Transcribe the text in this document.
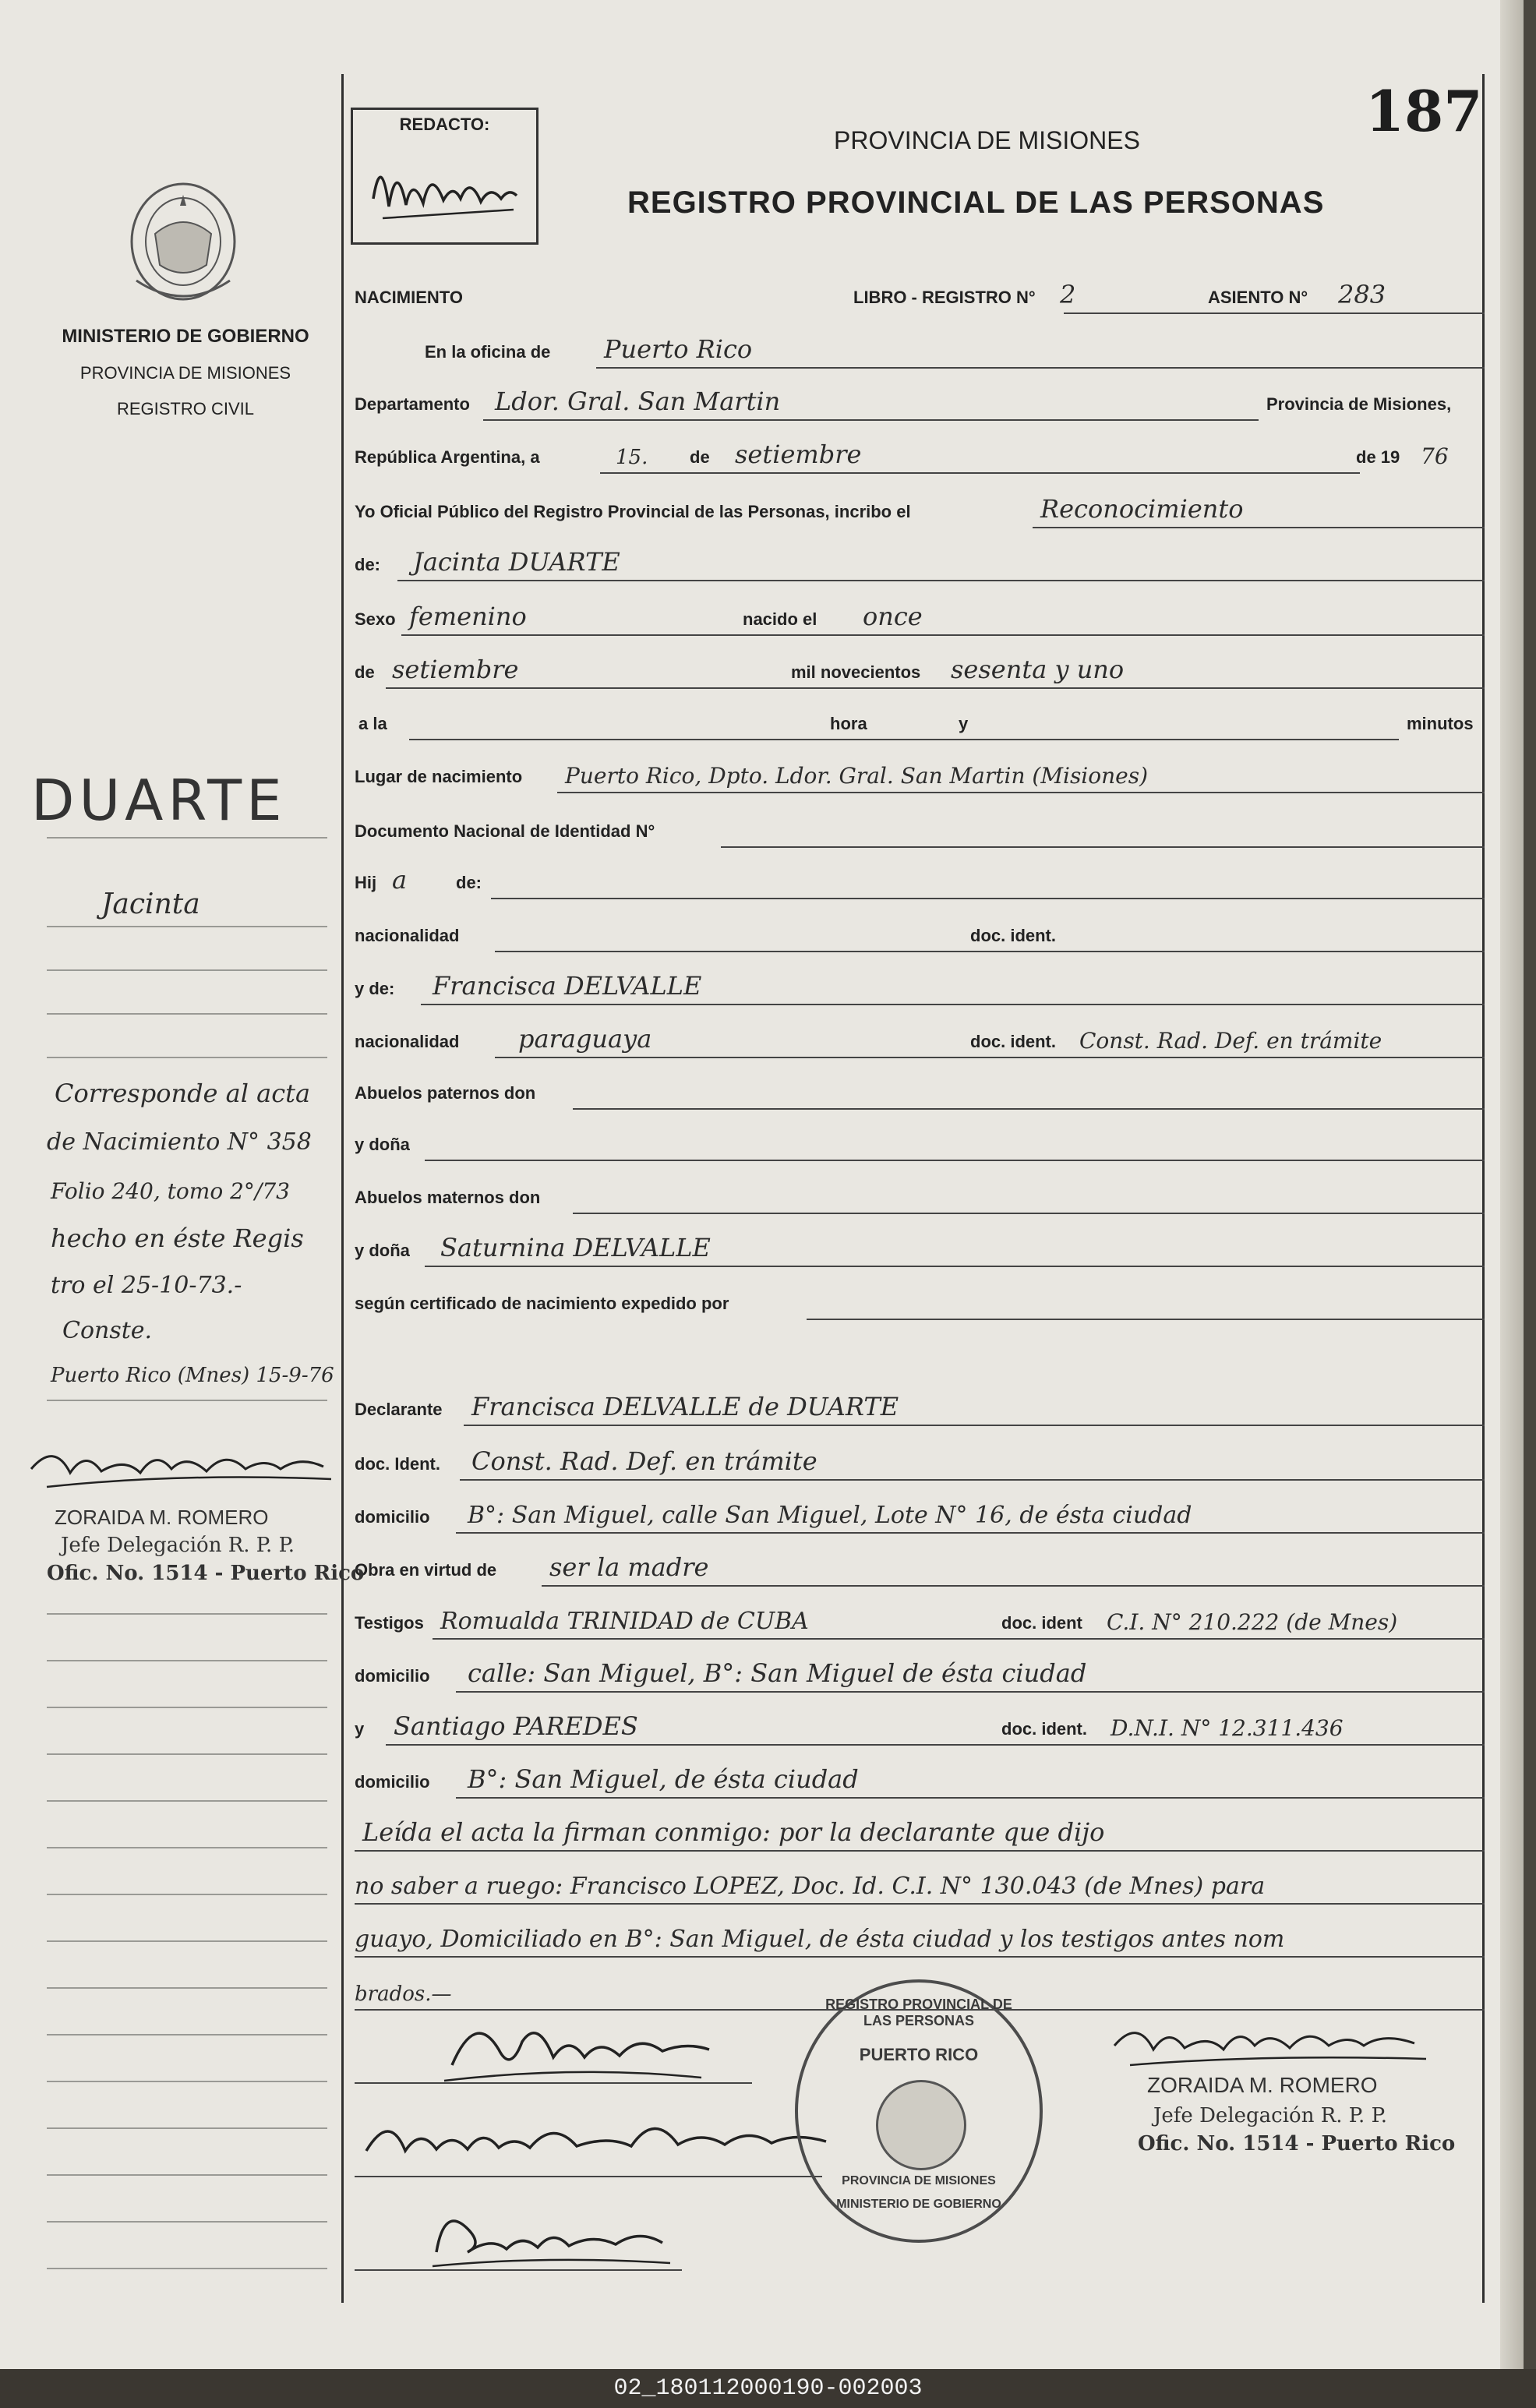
187
REDACTO:
PROVINCIA DE MISIONES
REGISTRO PROVINCIAL DE LAS PERSONAS
MINISTERIO DE GOBIERNO
PROVINCIA DE MISIONES
REGISTRO CIVIL
NACIMIENTO	LIBRO - REGISTRO N° 2	ASIENTO N° 283
En la oficina de Puerto Rico
Departamento Ldor. Gral. San Martin	Provincia de Misiones,
República Argentina, a	15. de setiembre	de 19 76
Yo Oficial Público del Registro Provincial de las Personas, incribo el	Reconocimiento
de: Jacinta DUARTE
Sexo femenino	nacido el once
de setiembre	mil novecientos sesenta y uno
a la	hora	y	minutos
Lugar de nacimiento Puerto Rico, Dpto. Ldor. Gral. San Martin (Misiones)
Documento Nacional de Identidad N°
Hij a	de:
nacionalidad	doc. ident.
y de: Francisca DELVALLE
nacionalidad paraguaya	doc. ident. Const. Rad. Def. en trámite
Abuelos paternos don
y doña
Abuelos maternos don
y doña Saturnina DELVALLE
según certificado de nacimiento expedido por
Declarante Francisca DELVALLE de DUARTE
doc. Ident. Const. Rad. Def. en trámite
domicilio B°: San Miguel, calle San Miguel, Lote N° 16, de ésta ciudad
Obra en virtud de ser la madre
Testigos Romualda TRINIDAD de CUBA	doc. ident C.I. N° 210.222 (de Mnes)
domicilio calle: San Miguel, B°: San Miguel de ésta ciudad
y Santiago PAREDES	doc. ident. D.N.I. N° 12.311.436
domicilio B°: San Miguel, de ésta ciudad
Leída el acta la firman conmigo: por la declarante que dijo
no saber a ruego: Francisco LOPEZ, Doc. Id. C.I. N° 130.043 (de Mnes) para
guayo, Domiciliado en B°: San Miguel, de ésta ciudad y los testigos antes nom
brados.—
DUARTE
Jacinta
Corresponde al acta
de Nacimiento N° 358
Folio 240, tomo 2°/73
hecho en éste Regis
tro el 25-10-73.-
Conste.
Puerto Rico (Mnes) 15-9-76
ZORAIDA M. ROMERO
Jefe Delegación R. P. P.
Ofic. No. 1514 - Puerto Rico
REGISTRO PROVINCIAL DE LAS PERSONAS
PUERTO RICO
PROVINCIA DE MISIONES
MINISTERIO DE GOBIERNO
ZORAIDA M. ROMERO
Jefe Delegación R. P. P.
Ofic. No. 1514 - Puerto Rico
02_180112000190-002003
